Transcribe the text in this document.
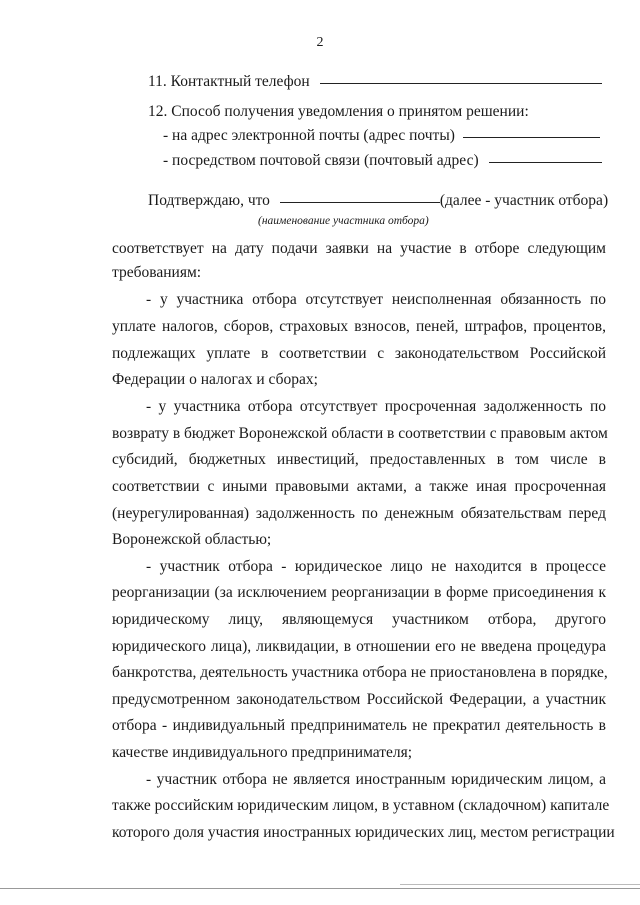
2
11. Контактный телефон
12. Способ получения уведомления о принятом решении:
- на адрес электронной почты (адрес почты)
- посредством почтовой связи (почтовый адрес)
Подтверждаю, что	(далее - участник отбора)
(наименование участника отбора)
соответствует на дату подачи заявки на участие в отборе следующим
требованиям:
- у участника отбора отсутствует неисполненная обязанность по
уплате налогов, сборов, страховых взносов, пеней, штрафов, процентов,
подлежащих уплате в соответствии с законодательством Российской
Федерации о налогах и сборах;
- у участника отбора отсутствует просроченная задолженность по
возврату в бюджет Воронежской области в соответствии с правовым актом
субсидий, бюджетных инвестиций, предоставленных в том числе в
соответствии с иными правовыми актами, а также иная просроченная
(неурегулированная) задолженность по денежным обязательствам перед
Воронежской областью;
- участник отбора - юридическое лицо не находится в процессе
реорганизации (за исключением реорганизации в форме присоединения к
юридическому лицу, являющемуся участником отбора, другого
юридического лица), ликвидации, в отношении его не введена процедура
банкротства, деятельность участника отбора не приостановлена в порядке,
предусмотренном законодательством Российской Федерации, а участник
отбора - индивидуальный предприниматель не прекратил деятельность в
качестве индивидуального предпринимателя;
- участник отбора не является иностранным юридическим лицом, а
также российским юридическим лицом, в уставном (складочном) капитале
которого доля участия иностранных юридических лиц, местом регистрации
